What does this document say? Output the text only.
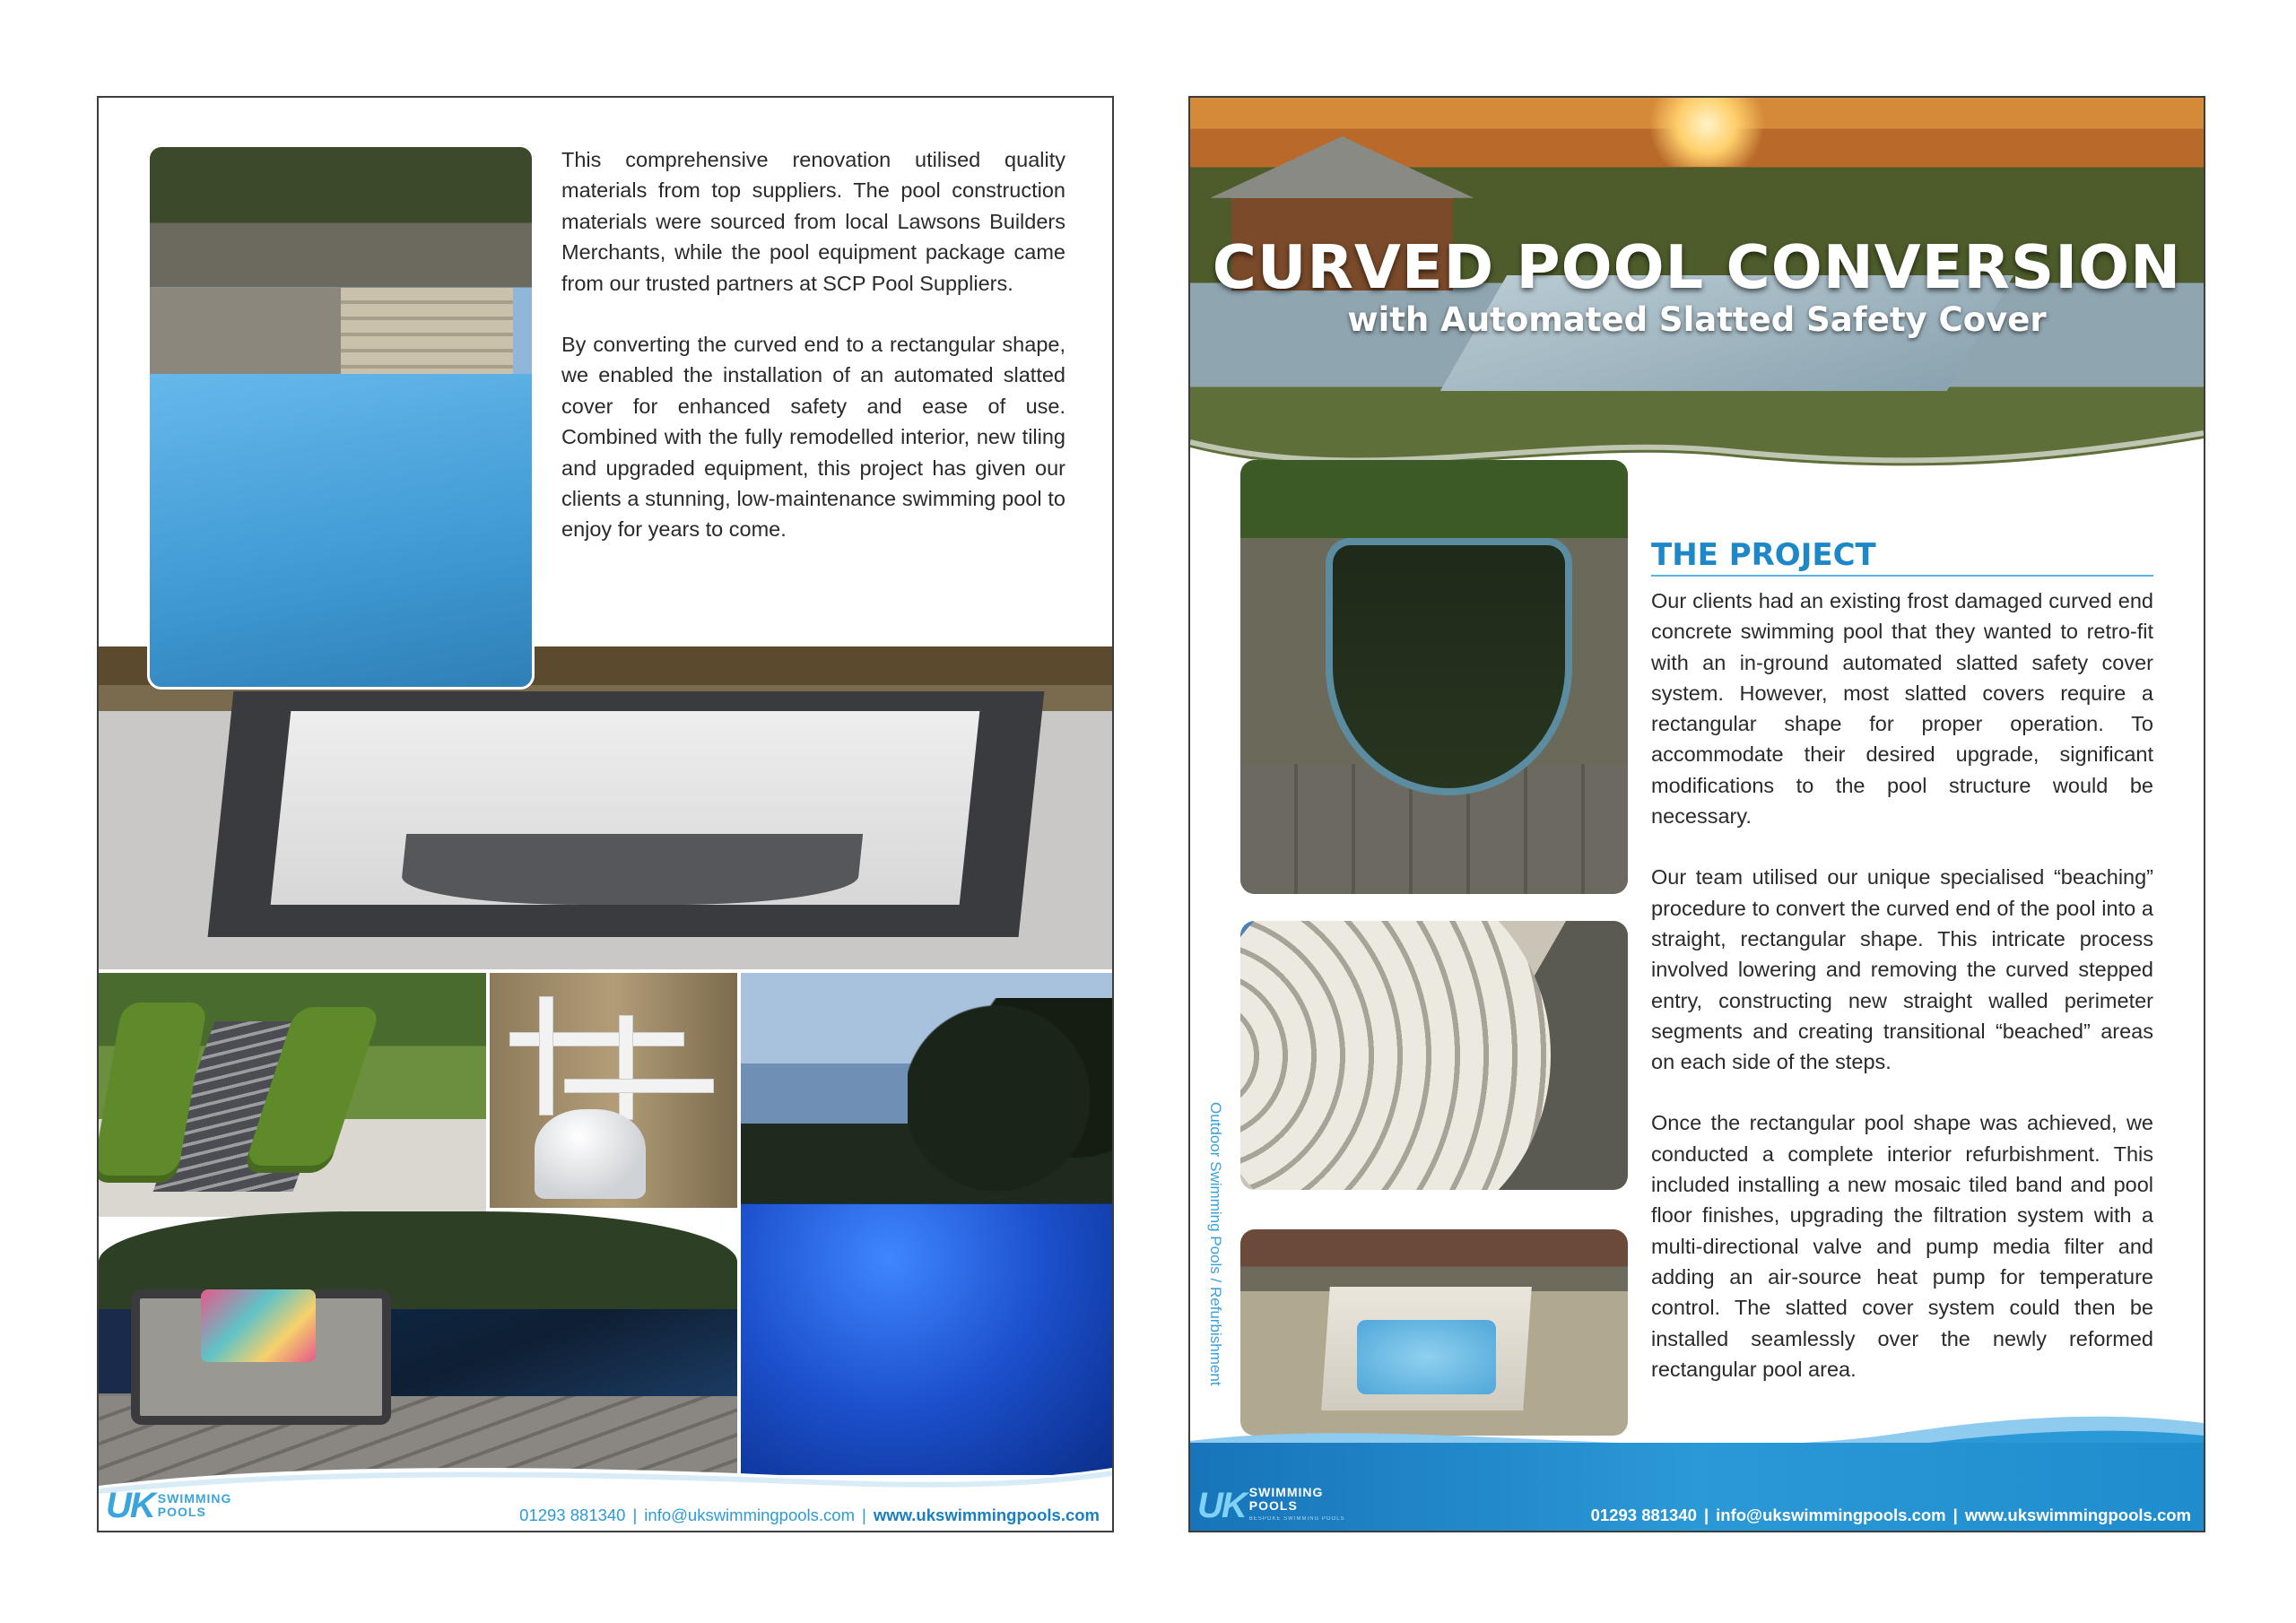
This comprehensive renovation utilised quality materials from top suppliers. The pool construction materials were sourced from local Lawsons Builders Merchants, while the pool equipment package came from our trusted partners at SCP Pool Suppliers.

By converting the curved end to a rectangular shape, we enabled the installation of an automated slatted cover for enhanced safety and ease of use. Combined with the fully remodelled interior, new tiling and upgraded equipment, this project has given our clients a stunning, low-maintenance swimming pool to enjoy for years to come.

UK SWIMMING
POOLS	01293 881340 | info@ukswimmingpools.com | www.ukswimmingpools.com
CURVED POOL CONVERSION
with Automated Slatted Safety Cover
Outdoor Swimming Pools / Refurbishment
THE PROJECT

Our clients had an existing frost damaged curved end concrete swimming pool that they wanted to retro-fit with an in-ground automated slatted safety cover system. However, most slatted covers require a rectangular shape for proper operation. To accommodate their desired upgrade, significant modifications to the pool structure would be necessary.

Our team utilised our unique specialised “beaching” procedure to convert the curved end of the pool into a straight, rectangular shape. This intricate process involved lowering and removing the curved stepped entry, constructing new straight walled perimeter segments and creating transitional “beached” areas on each side of the steps.

Once the rectangular pool shape was achieved, we conducted a complete interior refurbishment. This included installing a new mosaic tiled band and pool floor finishes, upgrading the filtration system with a multi-directional valve and pump media filter and adding an air-source heat pump for temperature control. The slatted cover system could then be installed seamlessly over the newly reformed rectangular pool area.

UK SWIMMING
POOLS
BESPOKE SWIMMING POOLS	01293 881340 | info@ukswimmingpools.com | www.ukswimmingpools.com
